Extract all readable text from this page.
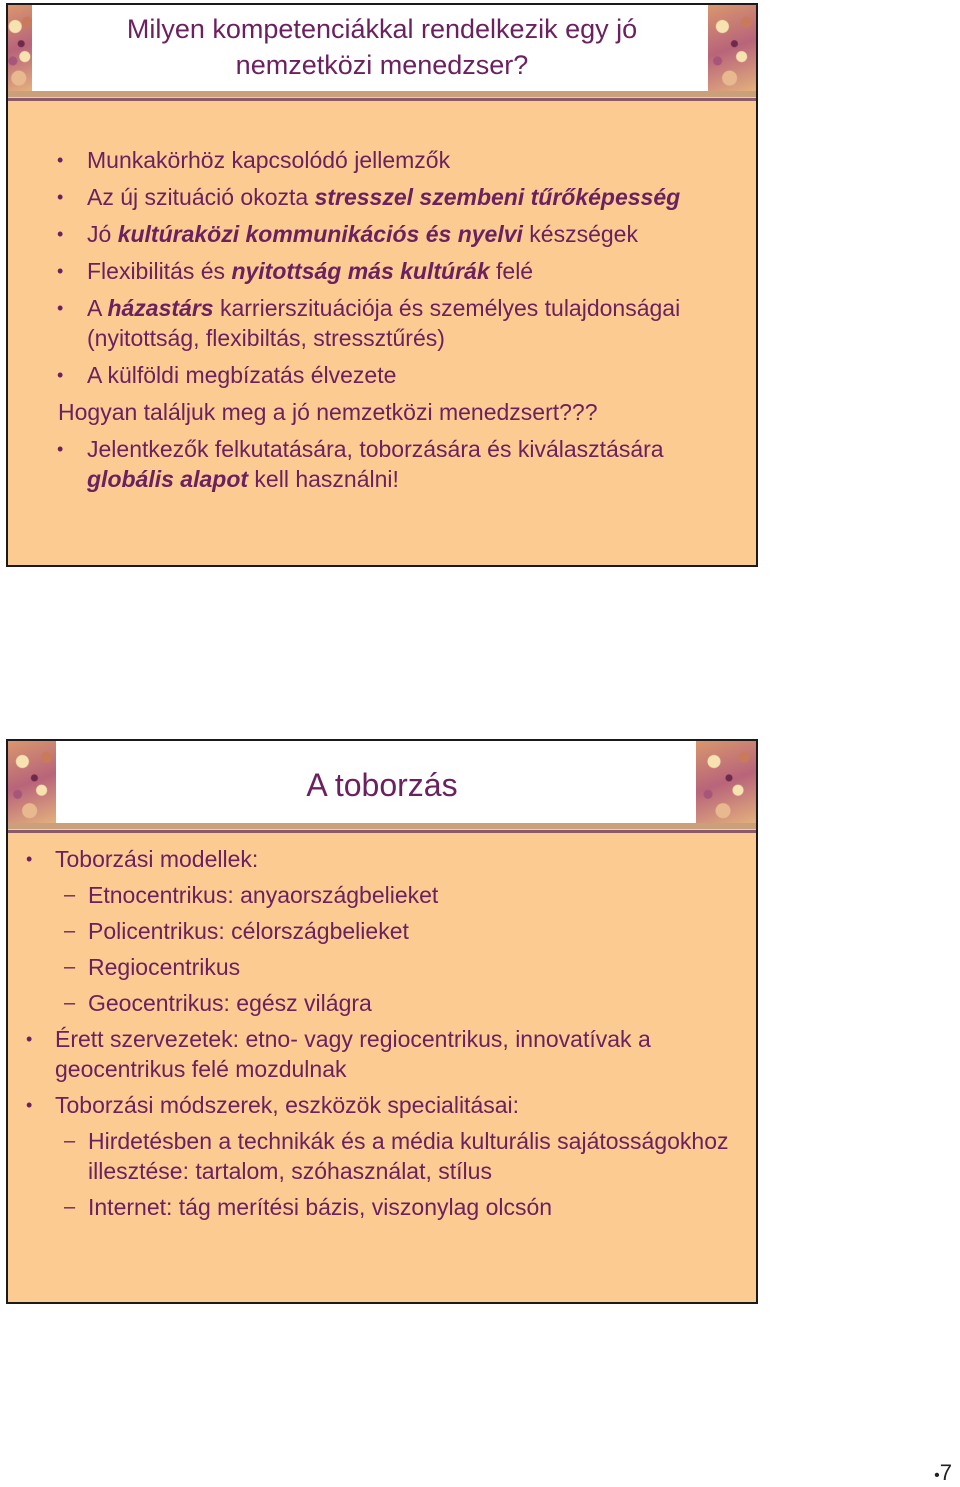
Milyen kompetenciákkal rendelkezik egy jó nemzetközi menedzser?
• Munkakörhöz kapcsolódó jellemzők
• Az új szituáció okozta stresszel szembeni tűrőképesség
• Jó kultúraközi kommunikációs és nyelvi készségek
• Flexibilitás és nyitottság más kultúrák felé
• A házastárs karrierszituációja és személyes tulajdonságai (nyitottság, flexibiltás, stressztűrés)
• A külföldi megbízatás élvezete
Hogyan találjuk meg a jó nemzetközi menedzsert???
• Jelentkezők felkutatására, toborzására és kiválasztására globális alapot kell használni!
A toborzás
• Toborzási modellek:
– Etnocentrikus: anyaországbelieket
– Policentrikus: célországbelieket
– Regiocentrikus
– Geocentrikus: egész világra
• Érett szervezetek: etno- vagy regiocentrikus, innovatívak a geocentrikus felé mozdulnak
• Toborzási módszerek, eszközök specialitásai:
– Hirdetésben a technikák és a média kulturális sajátosságokhoz illesztése: tartalom, szóhasználat, stílus
– Internet: tág merítési bázis, viszonylag olcsón
•7
